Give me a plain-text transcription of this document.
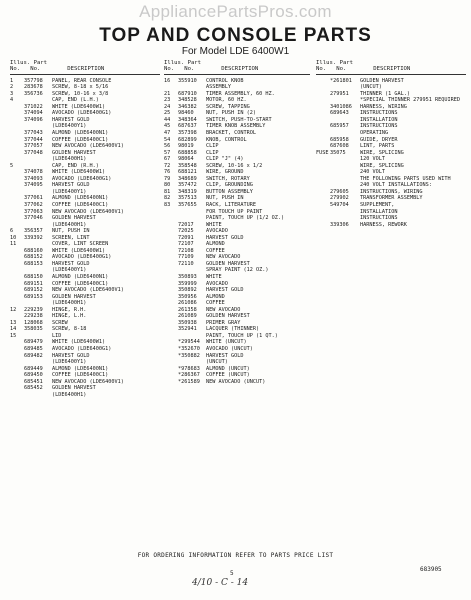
AppliancePartsPros.com
TOP AND CONSOLE PARTS
For Model LDE 6400W1
Illus. Part
No.   No.        DESCRIPTION
1	357798	PANEL, REAR CONSOLE
2	283678	SCREW, 8-18 x 5/16
3	356736	SCREW, 10-16 x 3/8
4	CAP, END (L.H.)
371022	WHITE (LDE6400W1)
374094	AVOCADO (LDE6400G1)
374096	HARVEST GOLD
(LDE6400Y1)
377043	ALMOND (LDE6400N1)
377044	COFFEE (LDE6400C1)
377057	NEW AVOCADO (LDE6400V1)
377048	GOLDEN HARVEST
(LDE6400H1)
5	CAP, END (R.H.)
374078	WHITE (LDE6400W1)
374093	AVOCADO (LDE6400G1)
374095	HARVEST GOLD
(LDE6400Y1)
377061	ALMOND (LDE6400N1)
377062	COFFEE (LDE6400C1)
377063	NEW AVOCADO (LDE6400V1)
377046	GOLDEN HARVEST
(LDE6400H1)
6	356357	NUT, PUSH IN
10	339392	SCREEN, LINT
11	COVER, LINT SCREEN
688160	WHITE (LDE6400W1)
688152	AVOCADO (LDE6400G1)
688153	HARVEST GOLD
(LDE6400Y1)
688150	ALMOND (LDE6400N1)
689151	COFFEE (LDE6400C1)
689152	NEW AVOCADO (LDE6400V1)
689153	GOLDEN HARVEST
(LDE6400H1)
12	229239	HINGE, R.H.
229238	HINGE, L.H.
13	128068	SCREW
14	358035	SCREW, 8-18
15	LID
689479	WHITE (LDE6400W1)
689485	AVOCADO (LDE6400G1)
689482	HARVEST GOLD
(LDE6400Y1)
689449	ALMOND (LDE6400N1)
689450	COFFEE (LDE6400C1)
685451	NEW AVOCADO (LDE6400V1)
685452	GOLDEN HARVEST
(LDE6400H1)
Illus. Part
No.   No.        DESCRIPTION
16	355910	CONTROL KNOB
ASSEMBLY
21	687910	TIMER ASSEMBLY, 60 HZ.
23	348528	MOTOR, 60 HZ.
24	346382	SCREW, TAPPING
25	98460	NUT, PUSH IN (2)
44	348364	SWITCH, PUSH-TO-START
45	687637	TIMER KNOB ASSEMBLY
47	357398	BRACKET, CONTROL
54	682899	KNOB, CONTROL
56	98019	CLIP
57	688858	CLIP
67	98064	CLIP "J" (4)
72	358548	SCREW, 10-16 x 1/2
76	688121	WIRE, GROUND
79	348689	SWITCH, ROTARY
80	357472	CLIP, GROUNDING
81	348319	BUTTON ASSEMBLY
82	357513	NUT, PUSH IN
83	357655	RACK, LITERATURE
FOR TOUCH UP PAINT
PAINT, TOUCH UP (1/2 OZ.)
72017	WHITE
72025	AVOCADO
72091	HARVEST GOLD
72107	ALMOND
72108	COFFEE
77109	NEW AVOCADO
72110	GOLDEN HARVEST
SPRAY PAINT (12 OZ.)
350893	WHITE
359999	AVOCADO
350892	HARVEST GOLD
350956	ALMOND
261086	COFFEE
261358	NEW AVOCADO
261089	GOLDEN HARVEST
350938	PRIMER GRAY
352941	LACQUER (THINNER)
PAINT, TOUCH UP (1 QT.)
*299544	WHITE (UNCUT)
*352670	AVOCADO (UNCUT)
*350882	HARVEST GOLD
(UNCUT)
*978683	ALMOND (UNCUT)
*286367	COFFEE (UNCUT)
*261589	NEW AVOCADO (UNCUT)
Illus. Part
No.   No.        DESCRIPTION
*261801	GOLDEN HARVEST
(UNCUT)
279951	THINNER (1 GAL.)
*SPECIAL THINNER 279951 REQUIRED
3401086	HARNESS, WIRING
689643	INSTRUCTIONS
INSTALLATION
685957	INSTRUCTIONS
OPERATING
685958	GUIDE, DRYER
687608	LINT, PARTS
FUSE 35075	WIRE, SPLICING
120 VOLT
WIRE, SPLICING
240 VOLT
THE FOLLOWING PARTS USED WITH
240 VOLT INSTALLATIONS:
279605	INSTRUCTIONS, WIRING
279902	TRANSFORMER ASSEMBLY
549704	SUPPLEMENT,
INSTALLATION
INSTRUCTIONS
339306	HARNESS, REWORK
FOR ORDERING INFORMATION REFER TO PARTS PRICE LIST
5
683905
4/10 - C - 14
